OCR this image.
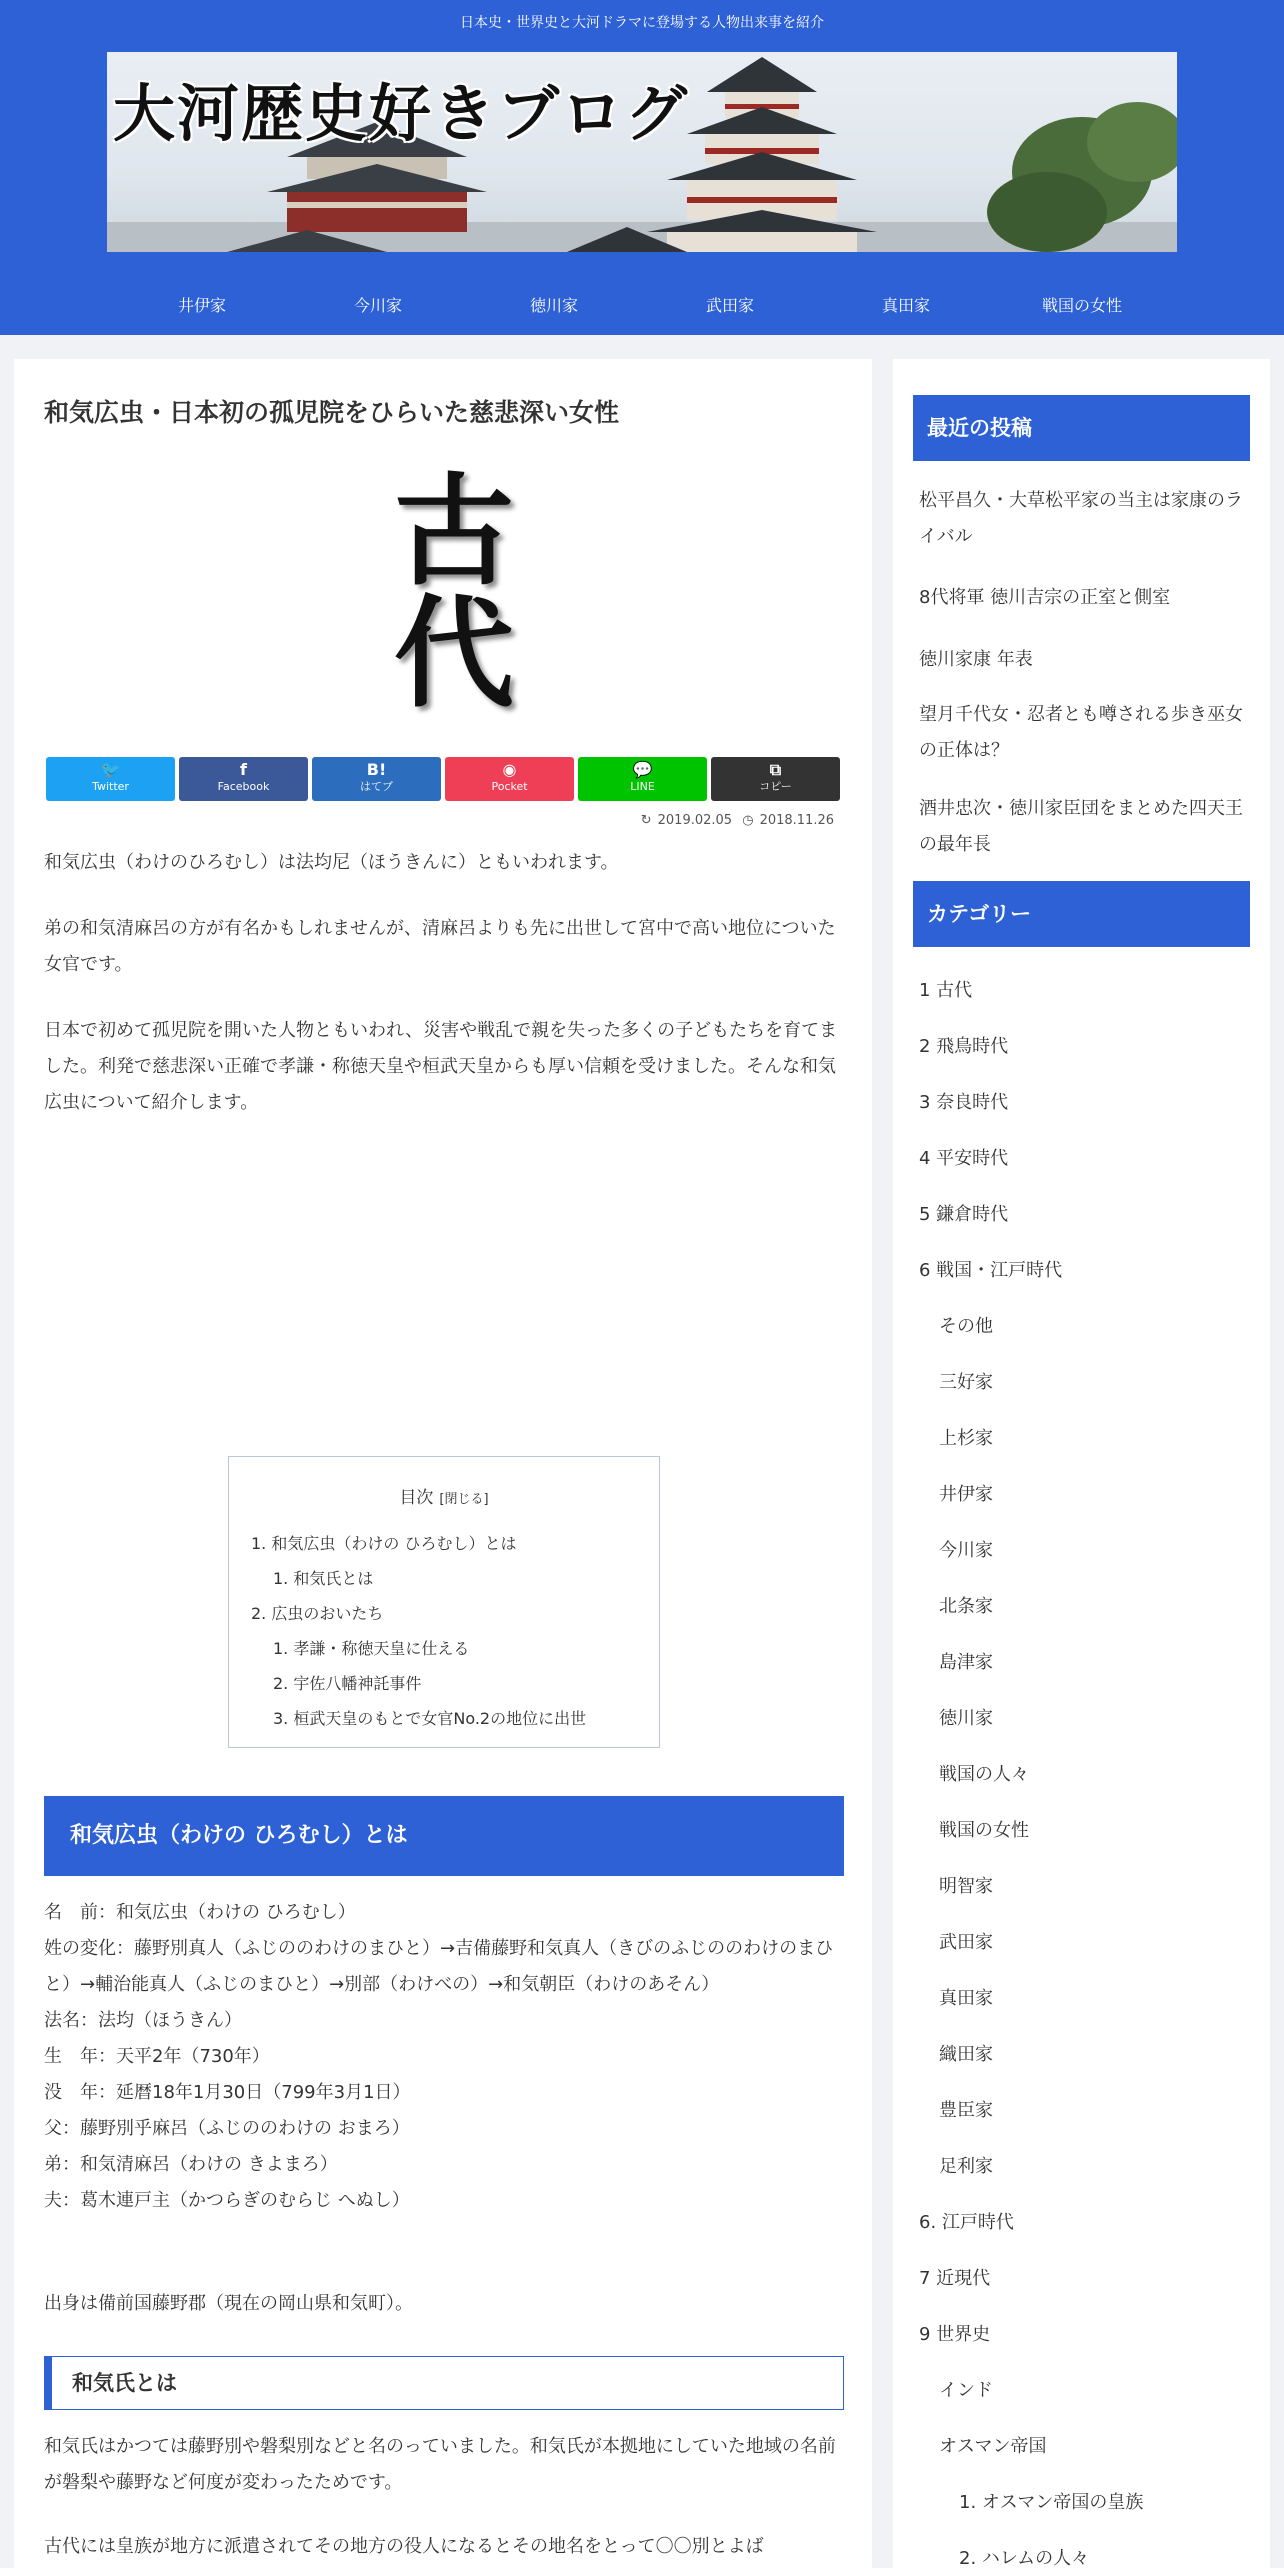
日本史・世界史と大河ドラマに登場する人物出来事を紹介
大河歴史好きブログ
井伊家	今川家	徳川家	武田家	真田家	戦国の女性
和気広虫・日本初の孤児院をひらいた慈悲深い女性
古
代
🐦
Twitter
f
Facebook
B!
はてブ
◉
Pocket
💬
LINE
⧉
コピー
↻ 2019.02.05 ◷ 2018.11.26

和気広虫（わけのひろむし）は法均尼（ほうきんに）ともいわれます。

弟の和気清麻呂の方が有名かもしれませんが、清麻呂よりも先に出世して宮中で高い地位についた女官です。

日本で初めて孤児院を開いた人物ともいわれ、災害や戦乱で親を失った多くの子どもたちを育てました。利発で慈悲深い正確で孝謙・称徳天皇や桓武天皇からも厚い信頼を受けました。そんな和気広虫について紹介します。

目次 [閉じる]
1. 和気広虫（わけの ひろむし）とは
1. 和気氏とは
2. 広虫のおいたち
1. 孝謙・称徳天皇に仕える
2. 宇佐八幡神託事件
3. 桓武天皇のもとで女官No.2の地位に出世
和気広虫（わけの ひろむし）とは
名　前：和気広虫（わけの ひろむし）
姓の変化：藤野別真人（ふじののわけのまひと）→吉備藤野和気真人（きびのふじののわけのまひと）→輔治能真人（ふじのまひと）→別部（わけべの）→和気朝臣（わけのあそん）
法名：法均（ほうきん）
生　年：天平2年（730年）
没　年：延暦18年1月30日（799年3月1日）
父：藤野別乎麻呂（ふじののわけの おまろ）
弟：和気清麻呂（わけの きよまろ）
夫：葛木連戸主（かつらぎのむらじ へぬし）

出身は備前国藤野郡（現在の岡山県和気町）。

和気氏とは

和気氏はかつては藤野別や磐梨別などと名のっていました。和気氏が本拠地にしていた地域の名前が磐梨や藤野など何度が変わったためです。

古代には皇族が地方に派遣されてその地方の役人になるとその地名をとって〇〇別とよば

最近の投稿
松平昌久・大草松平家の当主は家康のライバル
8代将軍 徳川吉宗の正室と側室
徳川家康 年表
望月千代女・忍者とも噂される歩き巫女の正体は？
酒井忠次・徳川家臣団をまとめた四天王の最年長
カテゴリー
1 古代
2 飛鳥時代
3 奈良時代
4 平安時代
5 鎌倉時代
6 戦国・江戸時代
その他
三好家
上杉家
井伊家
今川家
北条家
島津家
徳川家
戦国の人々
戦国の女性
明智家
武田家
真田家
織田家
豊臣家
足利家
6. 江戸時代
7 近現代
9 世界史
インド
オスマン帝国
1. オスマン帝国の皇族
2. ハレムの人々
